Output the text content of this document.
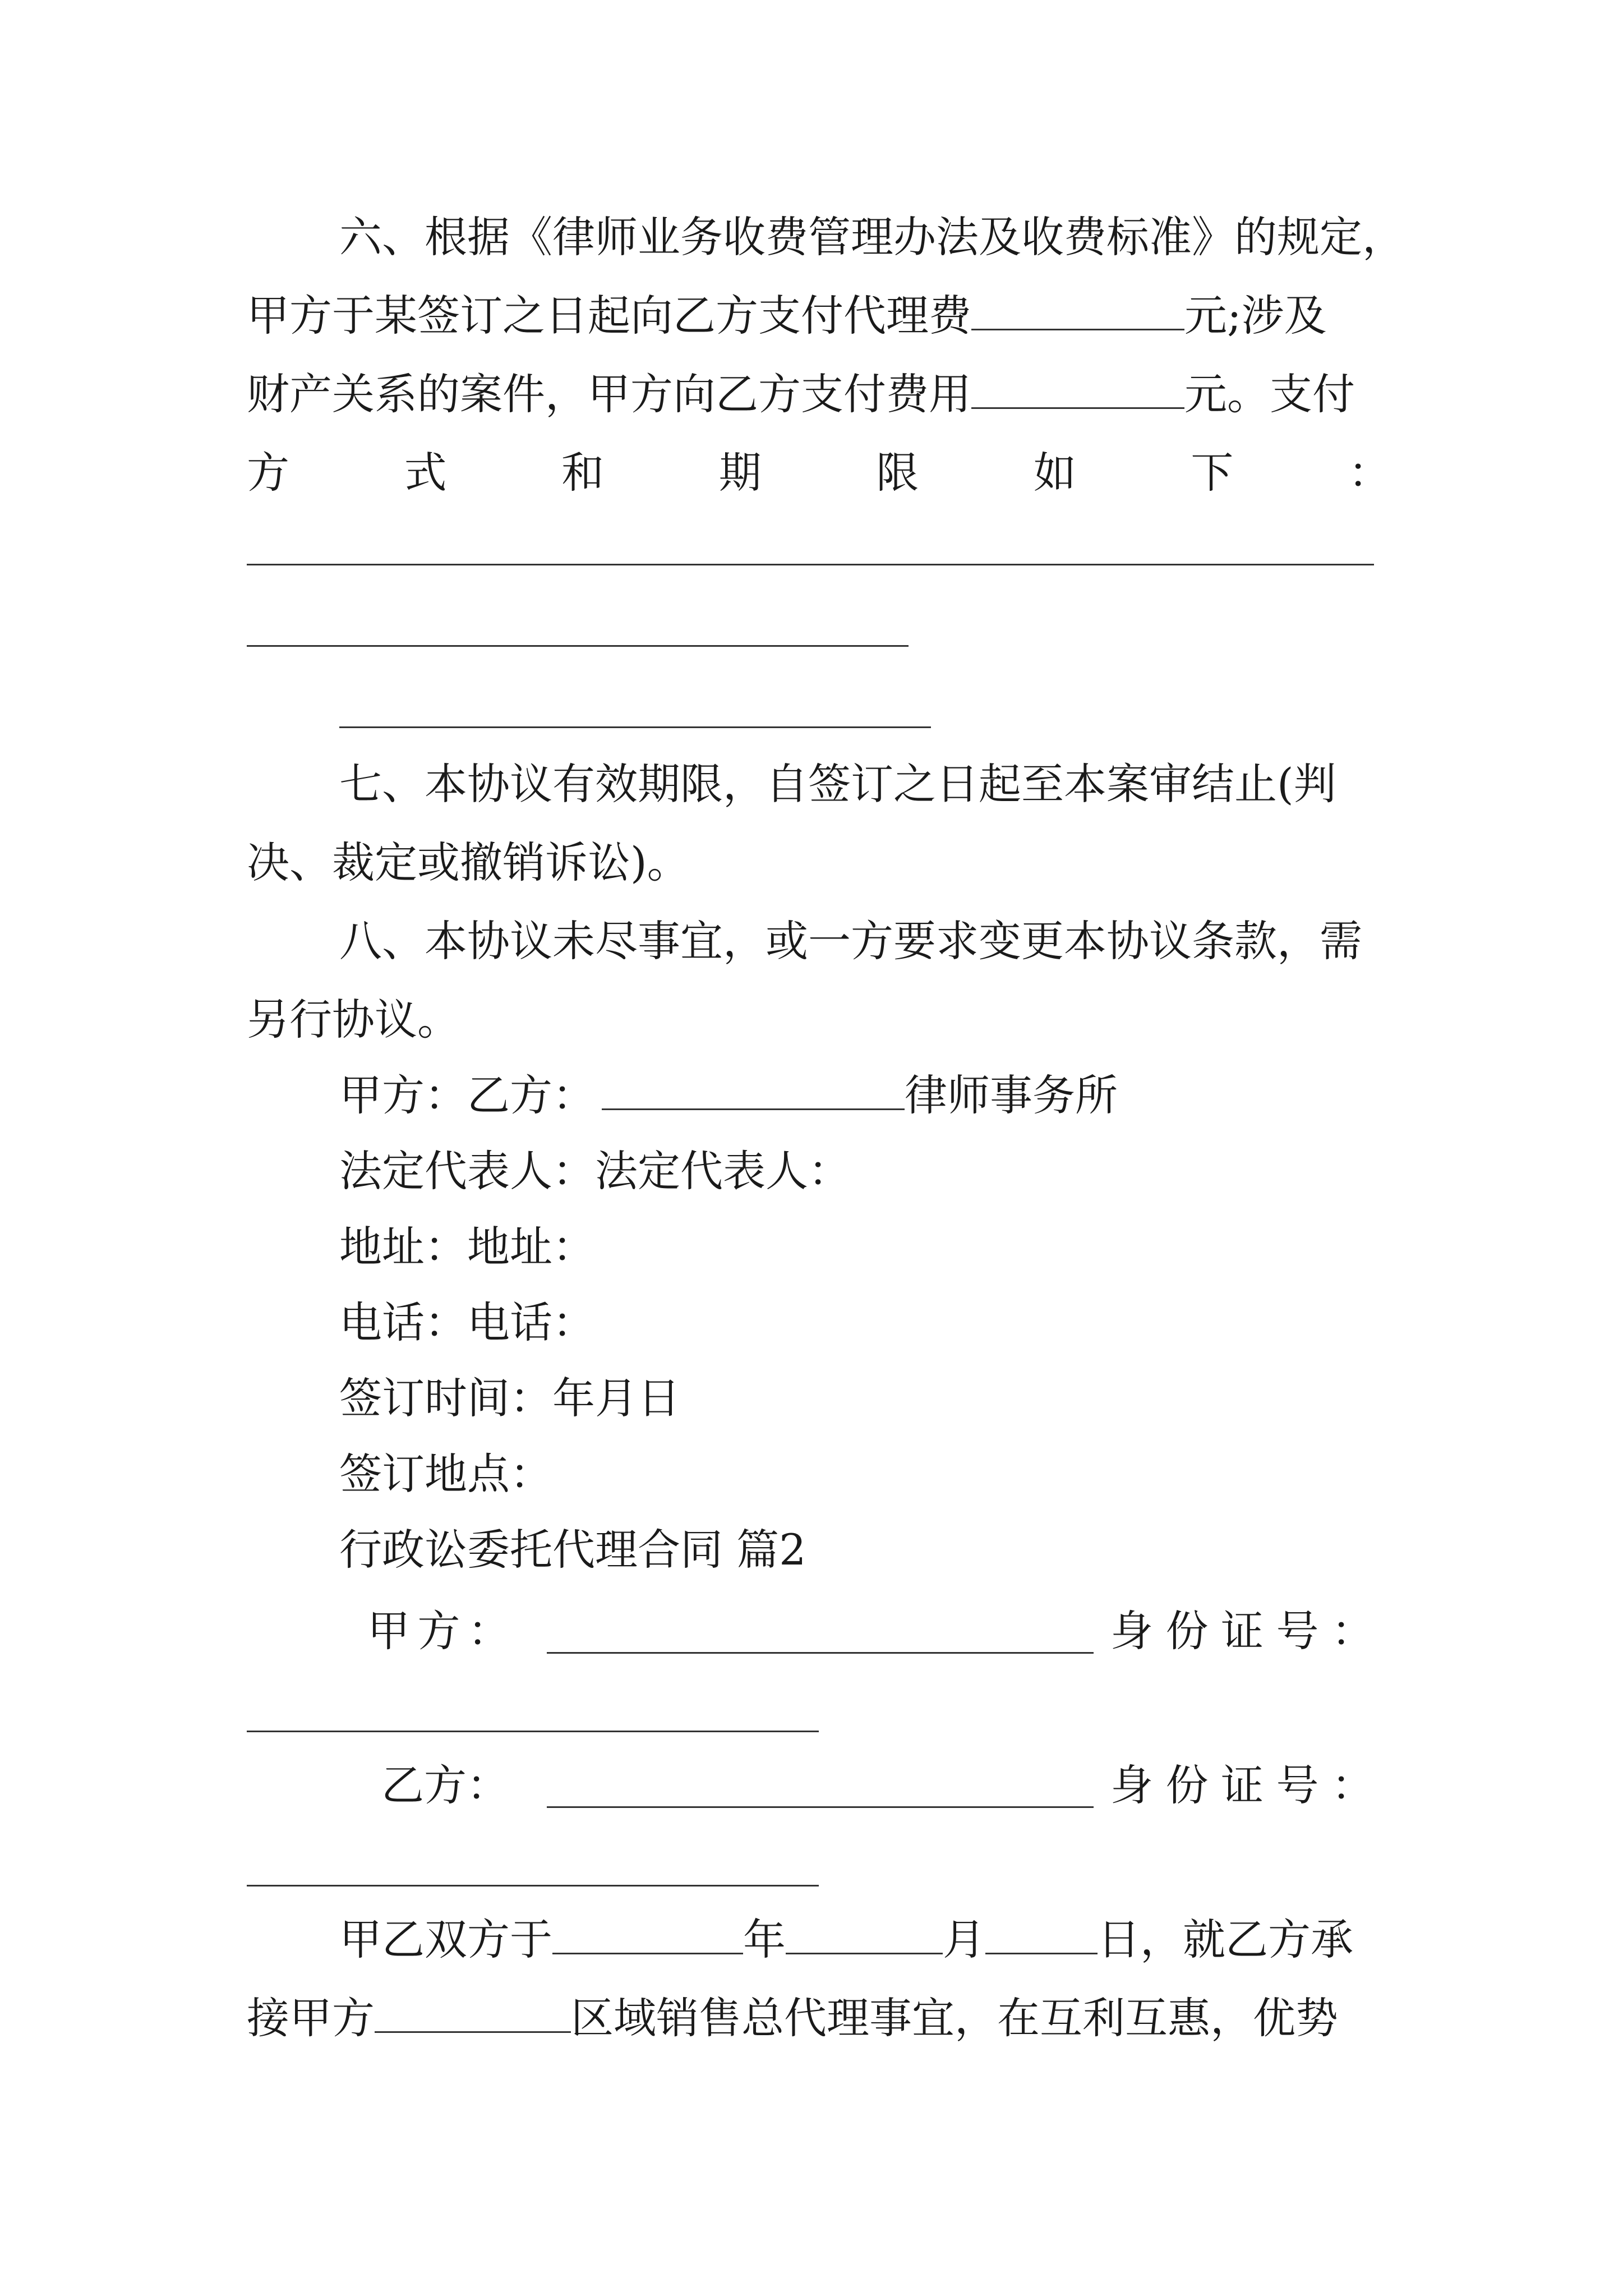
六、根据《律师业务收费管理办法及收费标准》的规定，
甲方于某签订之日起向乙方支付代理费	元;涉及
财产关系的案件，甲方向乙方支付费用	元。支付
方	式	和	期	限	如	下	：
七、本协议有效期限，自签订之日起至本案审结止(判
决、裁定或撤销诉讼)。
八、本协议未尽事宜，或一方要求变更本协议条款，需
另行协议。
甲方：乙方：	律师事务所
法定代表人：法定代表人：
地址：地址：
电话：电话：
签订时间：年月日
签订地点：
行政讼委托代理合同 篇2
甲 方 ：	身 份 证 号 ：
乙 方 ：	身 份 证 号 ：
甲乙双方于	年	月	日，就乙方承
接甲方	区域销售总代理事宜，在互利互惠，优势
